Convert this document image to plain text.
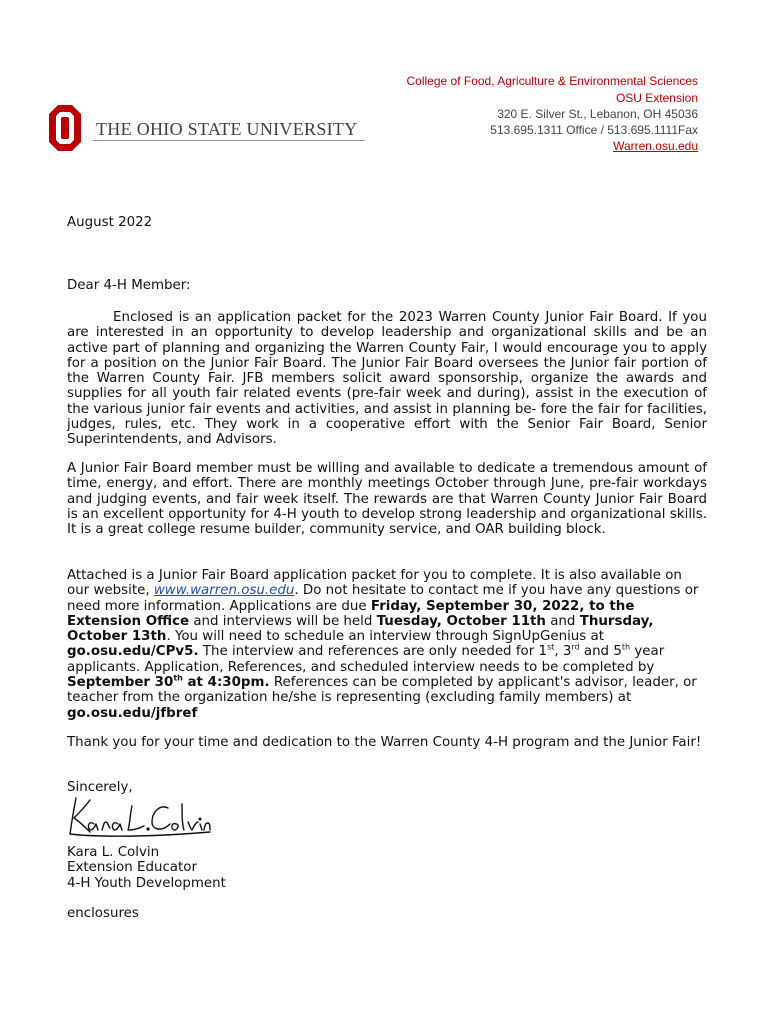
THE OHIO STATE UNIVERSITY
College of Food, Agriculture & Environmental Sciences
OSU Extension
320 E. Silver St., Lebanon, OH 45036
513.695.1311 Office / 513.695.1111Fax
Warren.osu.edu
August 2022
Dear 4-H Member:
Enclosed is an application packet for the 2023 Warren County Junior Fair Board. If you are interested in an opportunity to develop leadership and organizational skills and be an active part of planning and organizing the Warren County Fair, I would encourage you to apply for a position on the Junior Fair Board. The Junior Fair Board oversees the Junior fair portion of the Warren County Fair. JFB members solicit award sponsorship, organize the awards and supplies for all youth fair related events (pre-fair week and during), assist in the execution of the various junior fair events and activities, and assist in planning be- fore the fair for facilities, judges, rules, etc. They work in a cooperative effort with the Senior Fair Board, Senior Superintendents, and Advisors.
A Junior Fair Board member must be willing and available to dedicate a tremendous amount of time, energy, and effort. There are monthly meetings October through June, pre-fair workdays and judging events, and fair week itself. The rewards are that Warren County Junior Fair Board is an excellent opportunity for 4-H youth to develop strong leadership and organizational skills. It is a great college resume builder, community service, and OAR building block.
Attached is a Junior Fair Board application packet for you to complete. It is also available on our website, www.warren.osu.edu. Do not hesitate to contact me if you have any questions or need more information. Applications are due Friday, September 30, 2022, to the Extension Office and interviews will be held Tuesday, October 11th and Thursday, October 13th. You will need to schedule an interview through SignUpGenius at go.osu.edu/CPv5. The interview and references are only needed for 1st, 3rd and 5th year applicants. Application, References, and scheduled interview needs to be completed by September 30th at 4:30pm. References can be completed by applicant's advisor, leader, or teacher from the organization he/she is representing (excluding family members) at go.osu.edu/jfbref
Thank you for your time and dedication to the Warren County 4-H program and the Junior Fair!
Sincerely,
Kara L. Colvin
Extension Educator
4-H Youth Development
enclosures
